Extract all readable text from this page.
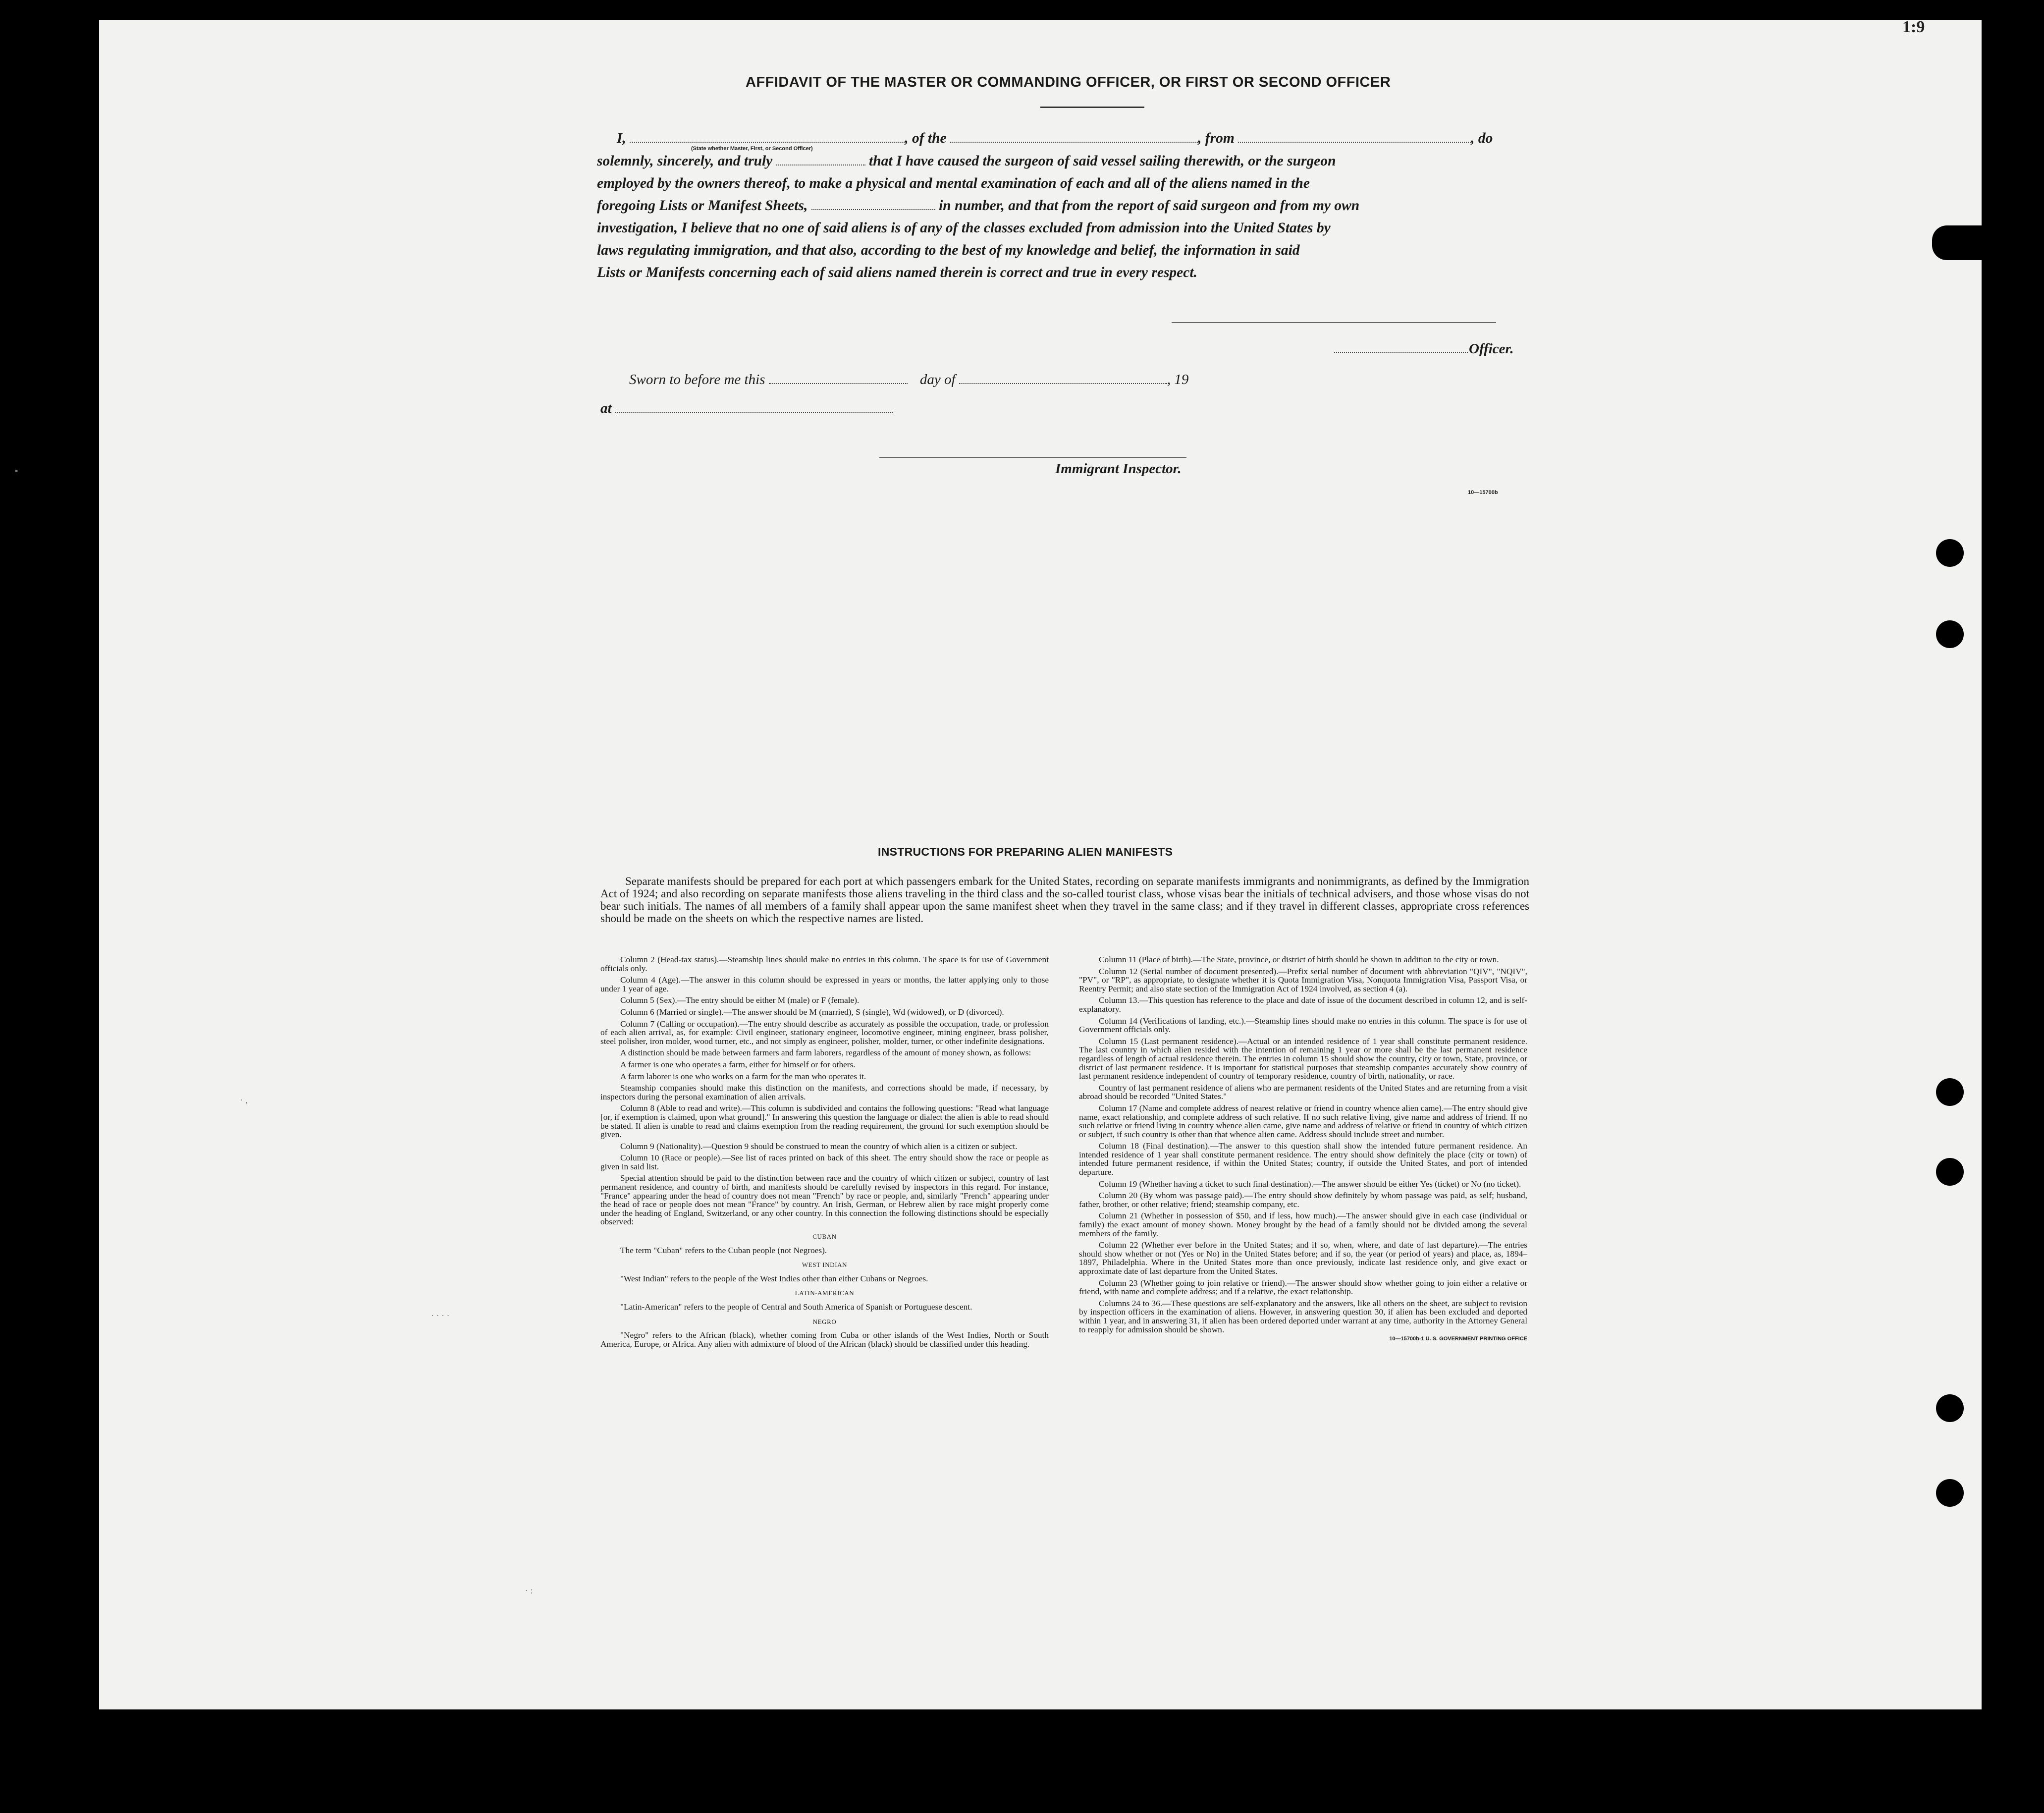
1:9
▪
· ,
· · · ·
· :
AFFIDAVIT OF THE MASTER OR COMMANDING OFFICER, OR FIRST OR SECOND OFFICER
I,	, of the	, from	, do
(State whether Master, First, or Second Officer)
solemnly, sincerely, and truly	that I have caused the surgeon of said vessel sailing therewith, or the surgeon
employed by the owners thereof, to make a physical and mental examination of each and all of the aliens named in the
foregoing Lists or Manifest Sheets,	in number, and that from the report of said surgeon and from my own
investigation, I believe that no one of said aliens is of any of the classes excluded from admission into the United States by
laws regulating immigration, and that also, according to the best of my knowledge and belief, the information in said
Lists or Manifests concerning each of said aliens named therein is correct and true in every respect.
Officer.
Sworn to before me this	day of	, 19
at
Immigrant Inspector.
10—15700b
INSTRUCTIONS FOR PREPARING ALIEN MANIFESTS
Separate manifests should be prepared for each port at which passengers embark for the United States, recording on separate manifests immigrants and nonimmigrants, as defined by the Immigration Act of 1924; and also recording on separate manifests those aliens traveling in the third class and the so-called tourist class, whose visas bear the initials of technical advisers, and those whose visas do not bear such initials. The names of all members of a family shall appear upon the same manifest sheet when they travel in the same class; and if they travel in different classes, appropriate cross references should be made on the sheets on which the respective names are listed.

Column 2 (Head-tax status).—Steamship lines should make no entries in this column. The space is for use of Government officials only.

Column 4 (Age).—The answer in this column should be expressed in years or months, the latter applying only to those under 1 year of age.

Column 5 (Sex).—The entry should be either M (male) or F (female).

Column 6 (Married or single).—The answer should be M (married), S (single), Wd (widowed), or D (divorced).

Column 7 (Calling or occupation).—The entry should describe as accurately as possible the occupation, trade, or profession of each alien arrival, as, for example: Civil engineer, stationary engineer, locomotive engineer, mining engineer, brass polisher, steel polisher, iron molder, wood turner, etc., and not simply as engineer, polisher, molder, turner, or other indefinite designations.

A distinction should be made between farmers and farm laborers, regardless of the amount of money shown, as follows:

A farmer is one who operates a farm, either for himself or for others.

A farm laborer is one who works on a farm for the man who operates it.

Steamship companies should make this distinction on the manifests, and corrections should be made, if necessary, by inspectors during the personal examination of alien arrivals.

Column 8 (Able to read and write).—This column is subdivided and contains the following questions: "Read what language [or, if exemption is claimed, upon what ground]." In answering this question the language or dialect the alien is able to read should be stated. If alien is unable to read and claims exemption from the reading requirement, the ground for such exemption should be given.

Column 9 (Nationality).—Question 9 should be construed to mean the country of which alien is a citizen or subject.

Column 10 (Race or people).—See list of races printed on back of this sheet. The entry should show the race or people as given in said list.

Special attention should be paid to the distinction between race and the country of which citizen or subject, country of last permanent residence, and country of birth, and manifests should be carefully revised by inspectors in this regard. For instance, "France" appearing under the head of country does not mean "French" by race or people, and, similarly "French" appearing under the head of race or people does not mean "France" by country. An Irish, German, or Hebrew alien by race might properly come under the heading of England, Switzerland, or any other country. In this connection the following distinctions should be especially observed:

CUBAN

The term "Cuban" refers to the Cuban people (not Negroes).

WEST INDIAN

"West Indian" refers to the people of the West Indies other than either Cubans or Negroes.

LATIN-AMERICAN

"Latin-American" refers to the people of Central and South America of Spanish or Portuguese descent.

NEGRO

"Negro" refers to the African (black), whether coming from Cuba or other islands of the West Indies, North or South America, Europe, or Africa. Any alien with admixture of blood of the African (black) should be classified under this heading.

Column 11 (Place of birth).—The State, province, or district of birth should be shown in addition to the city or town.

Column 12 (Serial number of document presented).—Prefix serial number of document with abbreviation "QIV", "NQIV", "PV", or "RP", as appropriate, to designate whether it is Quota Immigration Visa, Nonquota Immigration Visa, Passport Visa, or Reentry Permit; and also state section of the Immigration Act of 1924 involved, as section 4 (a).

Column 13.—This question has reference to the place and date of issue of the document described in column 12, and is self-explanatory.

Column 14 (Verifications of landing, etc.).—Steamship lines should make no entries in this column. The space is for use of Government officials only.

Column 15 (Last permanent residence).—Actual or an intended residence of 1 year shall constitute permanent residence. The last country in which alien resided with the intention of remaining 1 year or more shall be the last permanent residence regardless of length of actual residence therein. The entries in column 15 should show the country, city or town, State, province, or district of last permanent residence. It is important for statistical purposes that steamship companies accurately show country of last permanent residence independent of country of temporary residence, country of birth, nationality, or race.

Country of last permanent residence of aliens who are permanent residents of the United States and are returning from a visit abroad should be recorded "United States."

Column 17 (Name and complete address of nearest relative or friend in country whence alien came).—The entry should give name, exact relationship, and complete address of such relative. If no such relative living, give name and address of friend. If no such relative or friend living in country whence alien came, give name and address of relative or friend in country of which citizen or subject, if such country is other than that whence alien came. Address should include street and number.

Column 18 (Final destination).—The answer to this question shall show the intended future permanent residence. An intended residence of 1 year shall constitute permanent residence. The entry should show definitely the place (city or town) of intended future permanent residence, if within the United States; country, if outside the United States, and port of intended departure.

Column 19 (Whether having a ticket to such final destination).—The answer should be either Yes (ticket) or No (no ticket).

Column 20 (By whom was passage paid).—The entry should show definitely by whom passage was paid, as self; husband, father, brother, or other relative; friend; steamship company, etc.

Column 21 (Whether in possession of $50, and if less, how much).—The answer should give in each case (individual or family) the exact amount of money shown. Money brought by the head of a family should not be divided among the several members of the family.

Column 22 (Whether ever before in the United States; and if so, when, where, and date of last departure).—The entries should show whether or not (Yes or No) in the United States before; and if so, the year (or period of years) and place, as, 1894–1897, Philadelphia. Where in the United States more than once previously, indicate last residence only, and give exact or approximate date of last departure from the United States.

Column 23 (Whether going to join relative or friend).—The answer should show whether going to join either a relative or friend, with name and complete address; and if a relative, the exact relationship.

Columns 24 to 36.—These questions are self-explanatory and the answers, like all others on the sheet, are subject to revision by inspection officers in the examination of aliens. However, in answering question 30, if alien has been excluded and deported within 1 year, and in answering 31, if alien has been ordered deported under warrant at any time, authority in the Attorney General to reapply for admission should be shown.

10—15700b-1 U. S. GOVERNMENT PRINTING OFFICE
